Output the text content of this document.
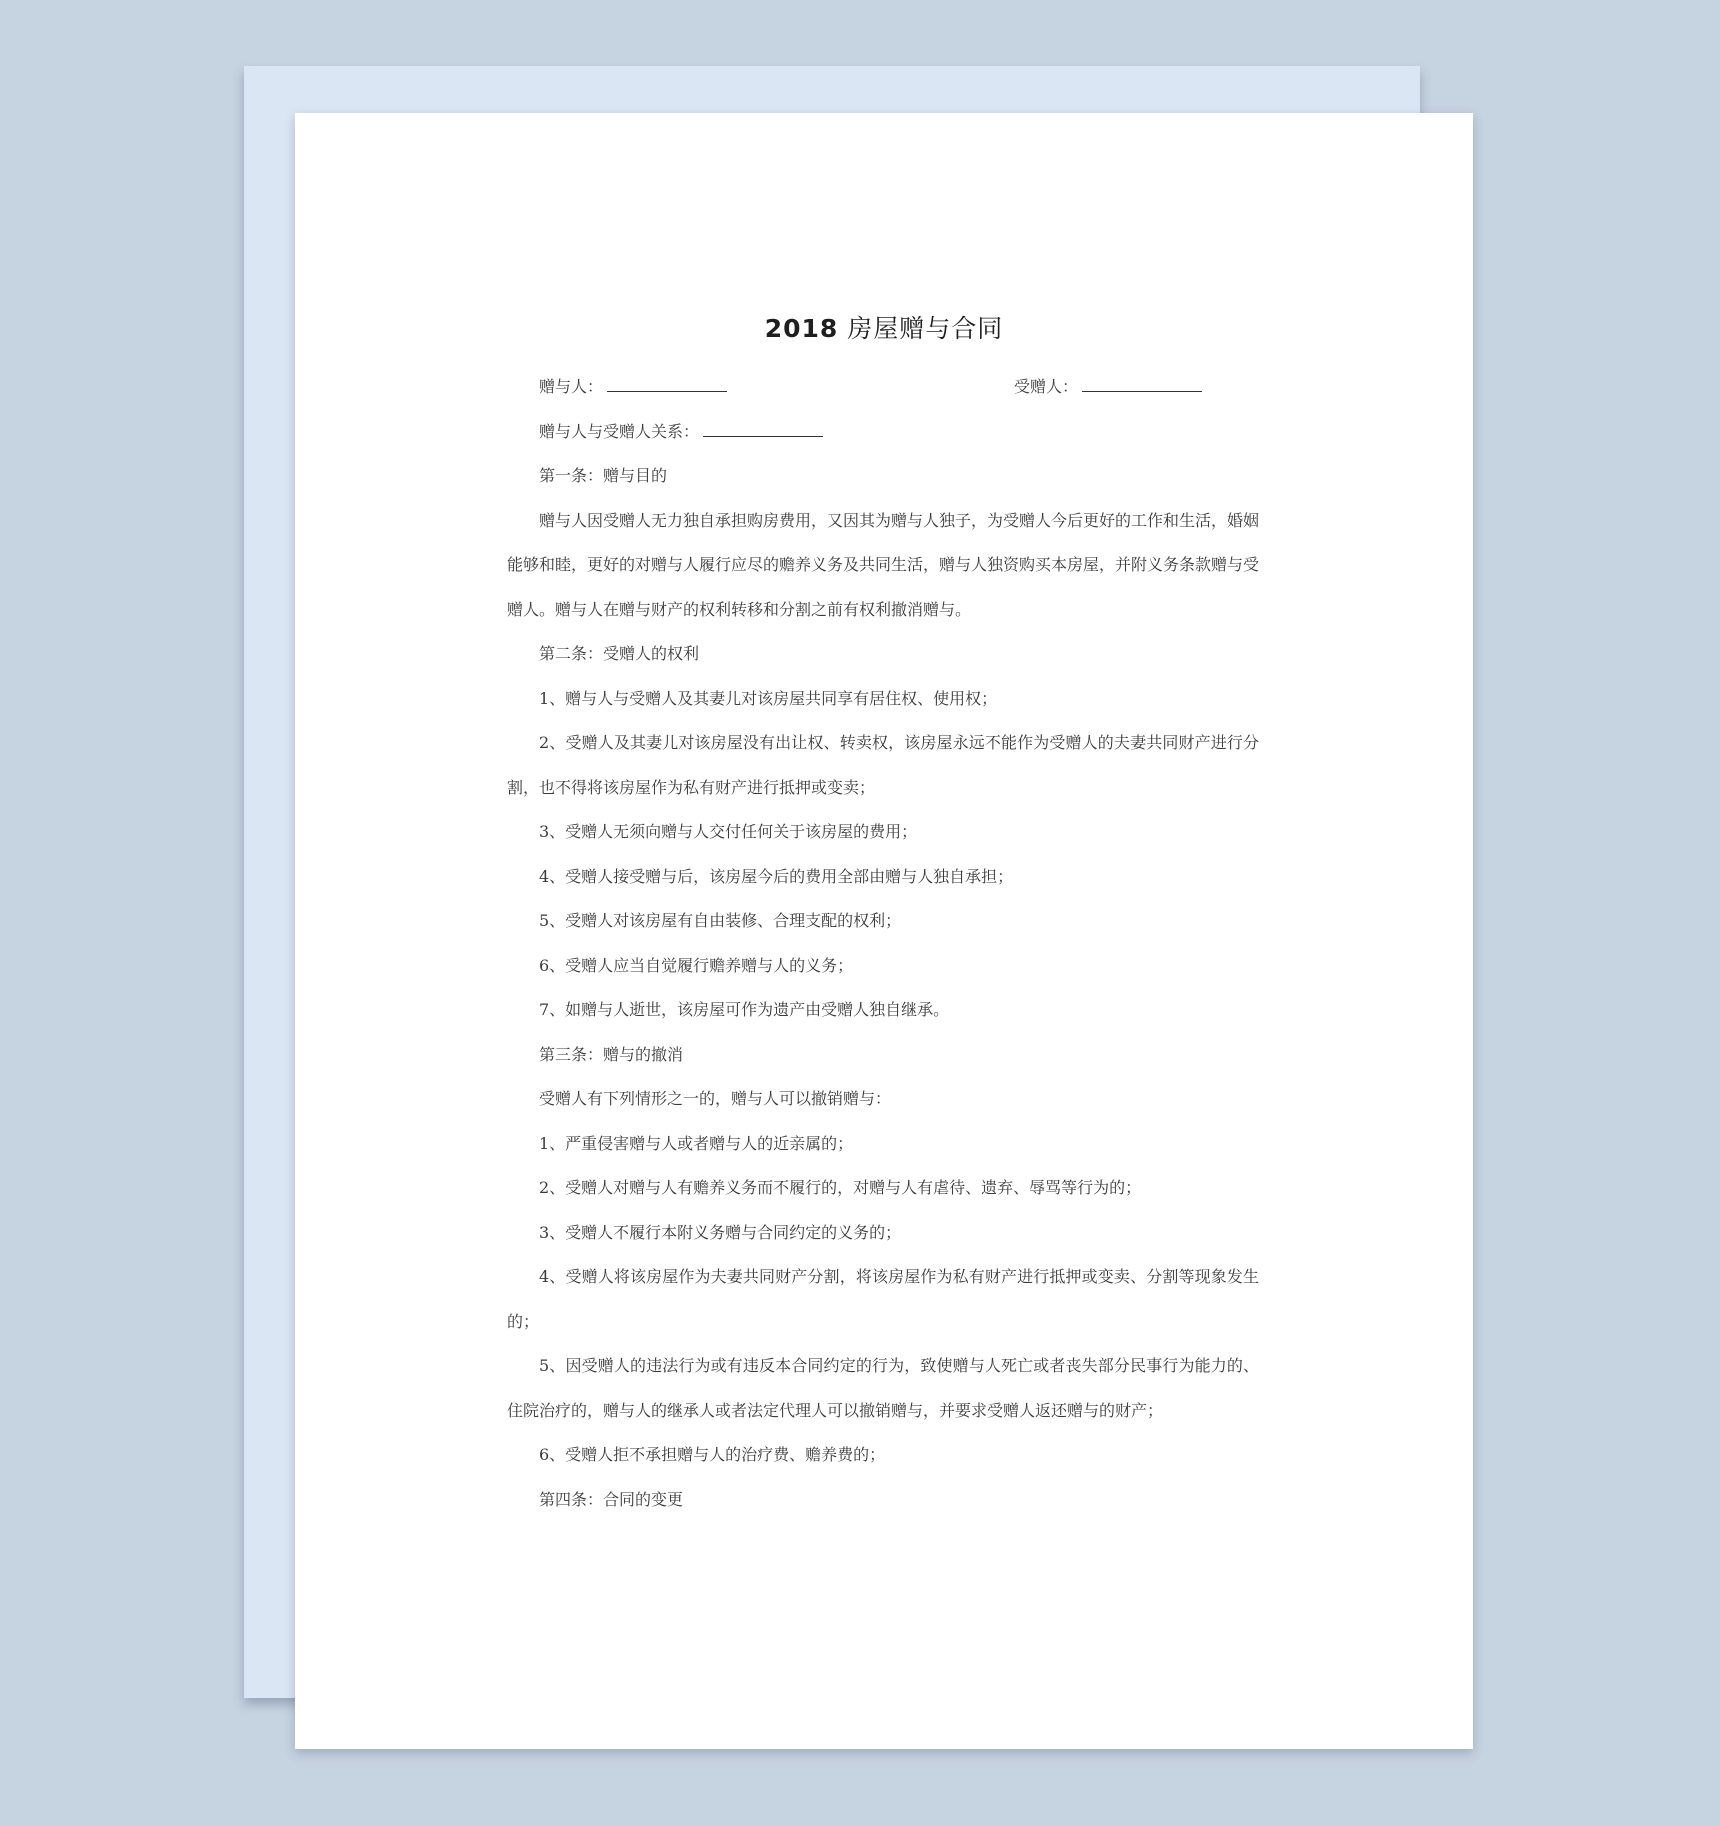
2018 房屋赠与合同
赠与人：	受赠人：
赠与人与受赠人关系：

第一条：赠与目的

赠与人因受赠人无力独自承担购房费用，又因其为赠与人独子，为受赠人今后更好的工作和生活，婚姻能够和睦，更好的对赠与人履行应尽的赡养义务及共同生活，赠与人独资购买本房屋，并附义务条款赠与受赠人。赠与人在赠与财产的权利转移和分割之前有权利撤消赠与。

第二条：受赠人的权利

1、赠与人与受赠人及其妻儿对该房屋共同享有居住权、使用权；

2、受赠人及其妻儿对该房屋没有出让权、转卖权，该房屋永远不能作为受赠人的夫妻共同财产进行分割，也不得将该房屋作为私有财产进行抵押或变卖；

3、受赠人无须向赠与人交付任何关于该房屋的费用；

4、受赠人接受赠与后，该房屋今后的费用全部由赠与人独自承担；

5、受赠人对该房屋有自由装修、合理支配的权利；

6、受赠人应当自觉履行赡养赠与人的义务；

7、如赠与人逝世，该房屋可作为遗产由受赠人独自继承。

第三条：赠与的撤消

受赠人有下列情形之一的，赠与人可以撤销赠与：

1、严重侵害赠与人或者赠与人的近亲属的；

2、受赠人对赠与人有赡养义务而不履行的，对赠与人有虐待、遗弃、辱骂等行为的；

3、受赠人不履行本附义务赠与合同约定的义务的；

4、受赠人将该房屋作为夫妻共同财产分割，将该房屋作为私有财产进行抵押或变卖、分割等现象发生的；

5、因受赠人的违法行为或有违反本合同约定的行为，致使赠与人死亡或者丧失部分民事行为能力的、住院治疗的，赠与人的继承人或者法定代理人可以撤销赠与，并要求受赠人返还赠与的财产；

6、受赠人拒不承担赠与人的治疗费、赡养费的；

第四条：合同的变更
